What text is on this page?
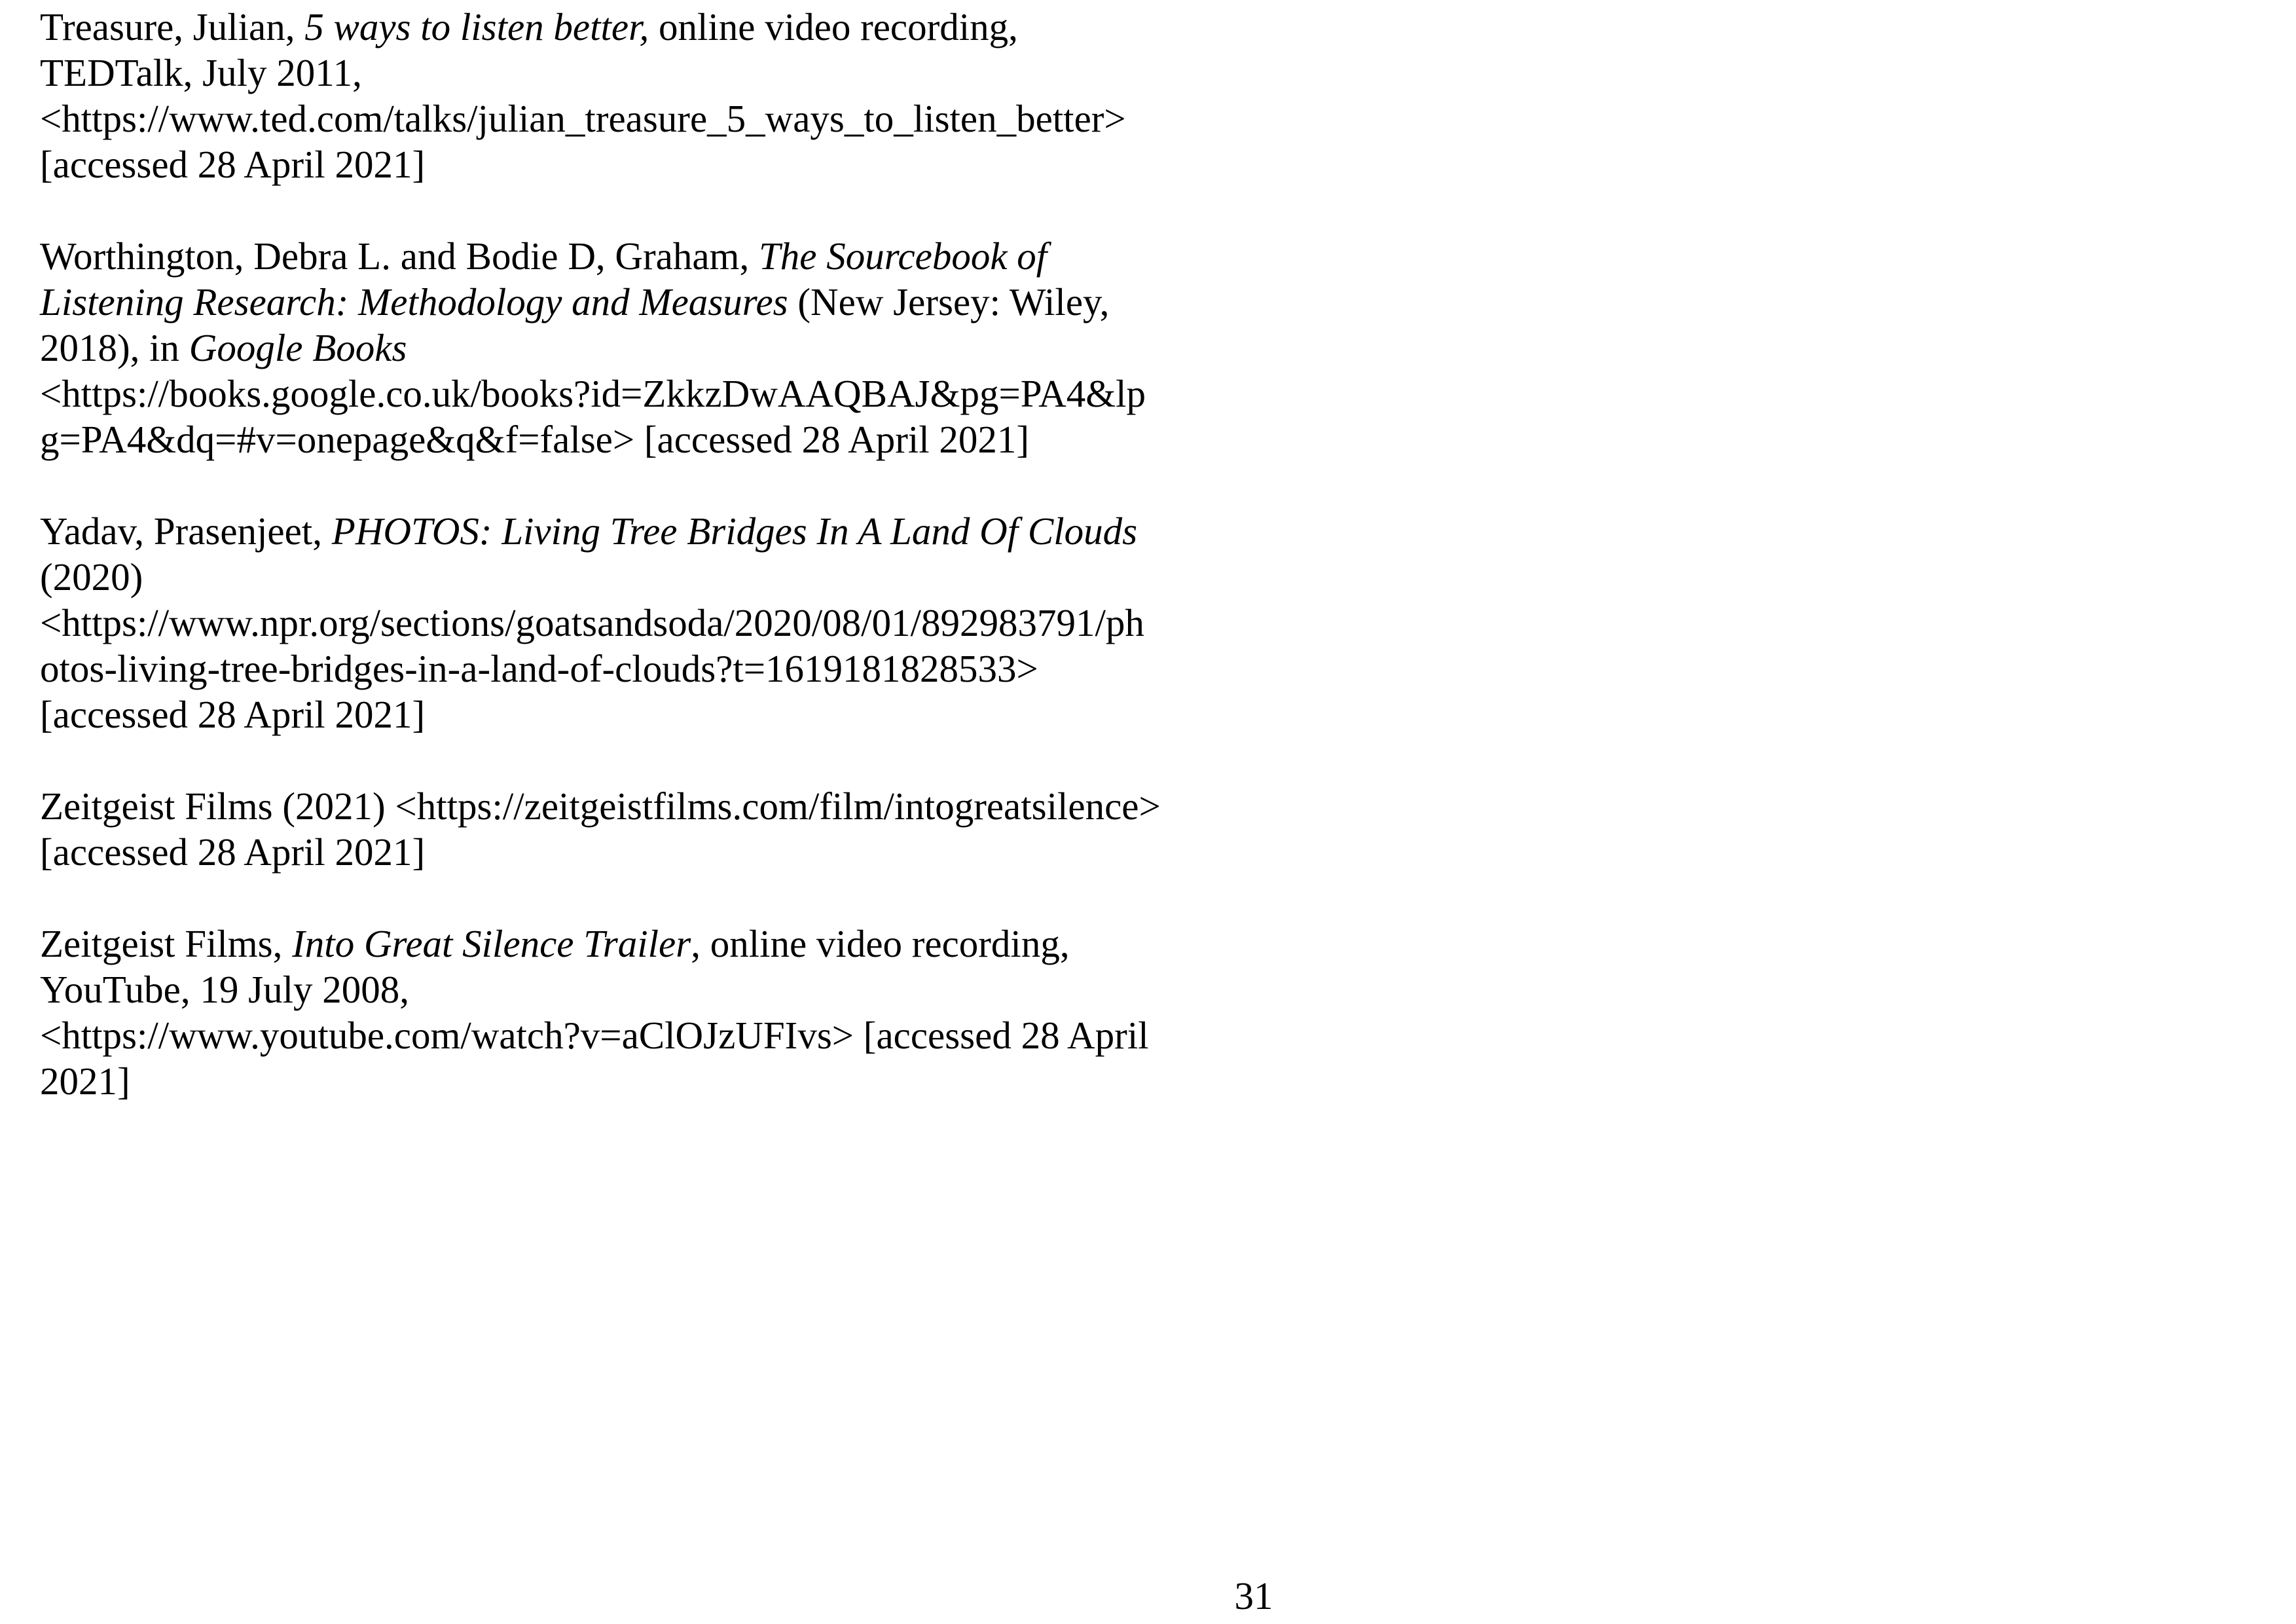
Treasure, Julian, 5 ways to listen better, online video recording,
TEDTalk, July 2011,
<https://www.ted.com/talks/julian_treasure_5_ways_to_listen_better>
[accessed 28 April 2021]
Worthington, Debra L. and Bodie D, Graham, The Sourcebook of
Listening Research: Methodology and Measures (New Jersey: Wiley,
2018), in Google Books
<https://books.google.co.uk/books?id=ZkkzDwAAQBAJ&pg=PA4&lp
g=PA4&dq=#v=onepage&q&f=false> [accessed 28 April 2021]
Yadav, Prasenjeet, PHOTOS: Living Tree Bridges In A Land Of Clouds
(2020)
<https://www.npr.org/sections/goatsandsoda/2020/08/01/892983791/ph
otos-living-tree-bridges-in-a-land-of-clouds?t=1619181828533>
[accessed 28 April 2021]
Zeitgeist Films (2021) <https://zeitgeistfilms.com/film/intogreatsilence>
[accessed 28 April 2021]
Zeitgeist Films, Into Great Silence Trailer, online video recording,
YouTube, 19 July 2008,
<https://www.youtube.com/watch?v=aClOJzUFIvs> [accessed 28 April
2021]
31
